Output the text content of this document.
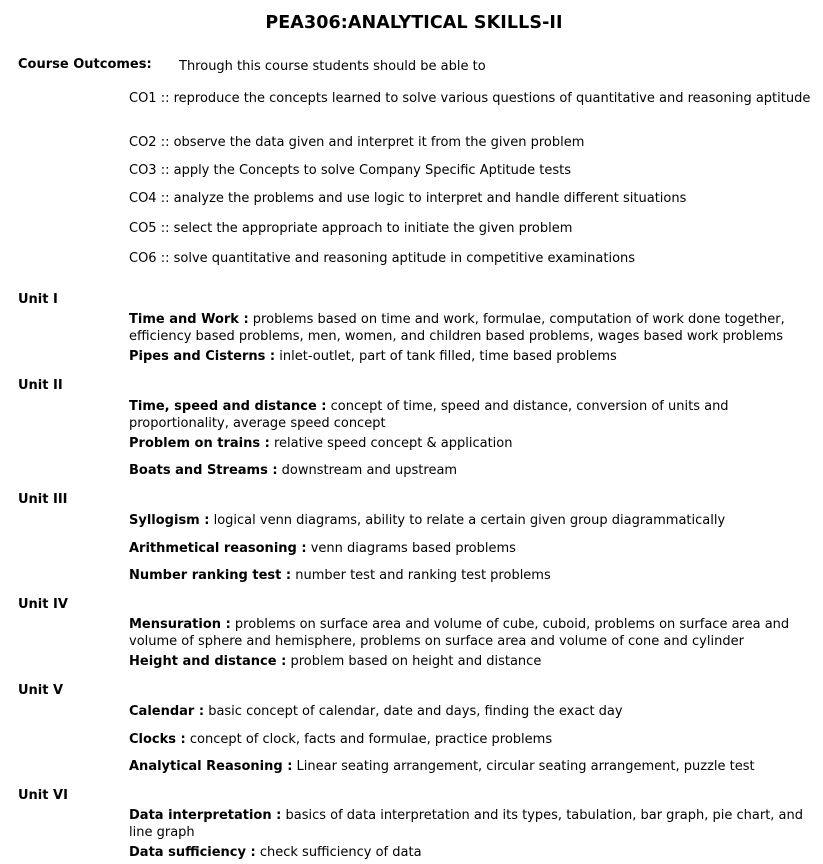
PEA306:ANALYTICAL SKILLS-II
Course Outcomes: Through this course students should be able to
CO1 :: reproduce the concepts learned to solve various questions of quantitative and reasoning aptitude
CO2 :: observe the data given and interpret it from the given problem
CO3 :: apply the Concepts to solve Company Specific Aptitude tests
CO4 :: analyze the problems and use logic to interpret and handle different situations
CO5 :: select the appropriate approach to initiate the given problem
CO6 :: solve quantitative and reasoning aptitude in competitive examinations
Unit I
Time and Work : problems based on time and work, formulae, computation of work done together, efficiency based problems, men, women, and children based problems, wages based work problems
Pipes and Cisterns : inlet-outlet, part of tank filled, time based problems
Unit II
Time, speed and distance : concept of time, speed and distance, conversion of units and proportionality, average speed concept
Problem on trains : relative speed concept & application
Boats and Streams : downstream and upstream
Unit III
Syllogism : logical venn diagrams, ability to relate a certain given group diagrammatically
Arithmetical reasoning : venn diagrams based problems
Number ranking test : number test and ranking test problems
Unit IV
Mensuration : problems on surface area and volume of cube, cuboid, problems on surface area and volume of sphere and hemisphere, problems on surface area and volume of cone and cylinder
Height and distance : problem based on height and distance
Unit V
Calendar : basic concept of calendar, date and days, finding the exact day
Clocks : concept of clock, facts and formulae, practice problems
Analytical Reasoning : Linear seating arrangement, circular seating arrangement, puzzle test
Unit VI
Data interpretation : basics of data interpretation and its types, tabulation, bar graph, pie chart, and line graph
Data sufficiency : check sufficiency of data
